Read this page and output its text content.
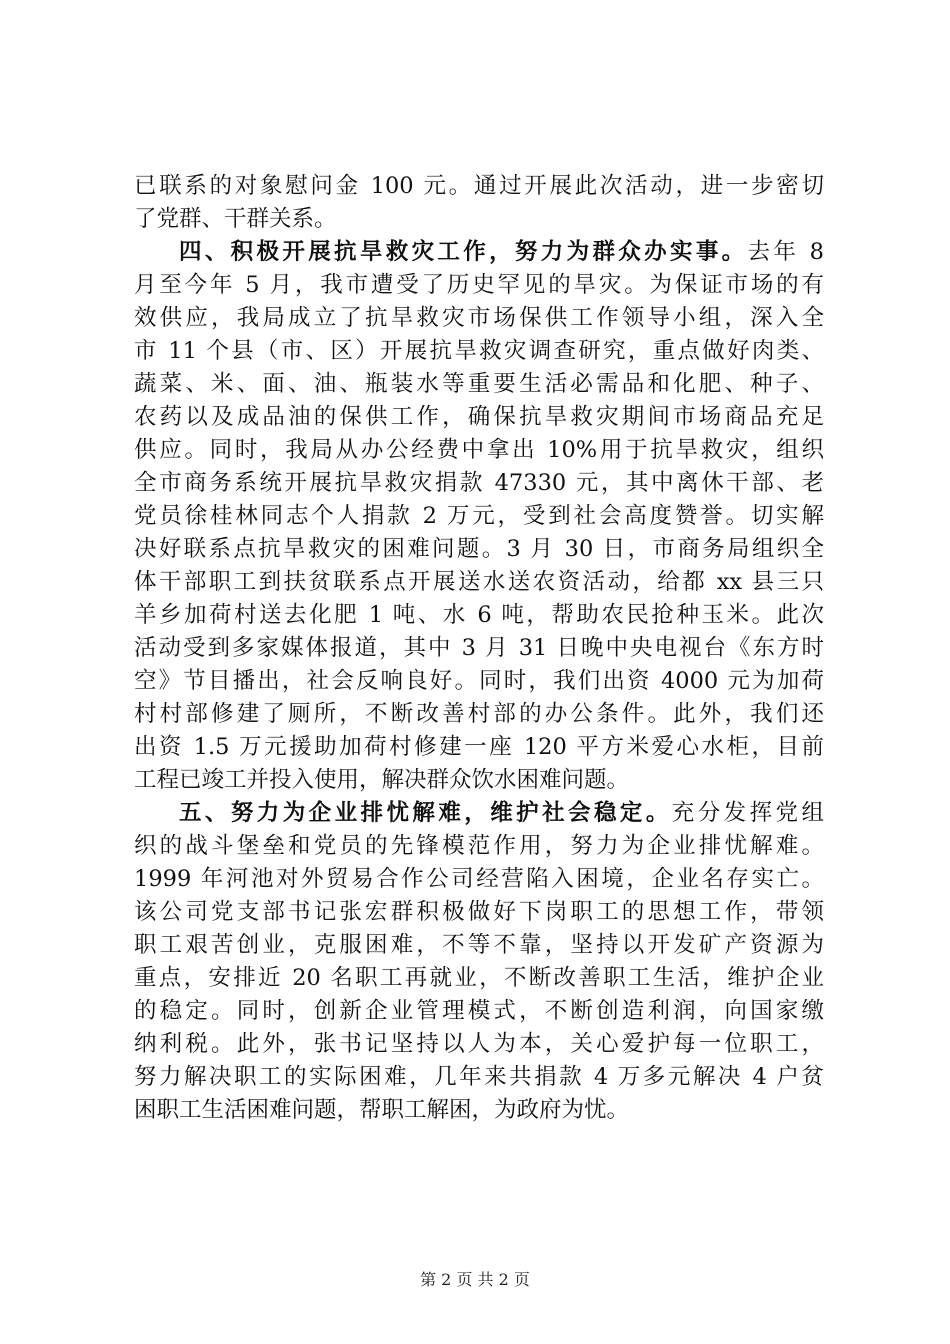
已联系的对象慰问金 100 元。通过开展此次活动，进一步密切
了党群、干群关系。
四、积极开展抗旱救灾工作，努力为群众办实事。去年 8
月至今年 5 月，我市遭受了历史罕见的旱灾。为保证市场的有
效供应，我局成立了抗旱救灾市场保供工作领导小组，深入全
市 11 个县（市、区）开展抗旱救灾调查研究，重点做好肉类、
蔬菜、米、面、油、瓶装水等重要生活必需品和化肥、种子、
农药以及成品油的保供工作，确保抗旱救灾期间市场商品充足
供应。同时，我局从办公经费中拿出 10%用于抗旱救灾，组织
全市商务系统开展抗旱救灾捐款 47330 元，其中离休干部、老
党员徐桂林同志个人捐款 2 万元，受到社会高度赞誉。切实解
决好联系点抗旱救灾的困难问题。3 月 30 日，市商务局组织全
体干部职工到扶贫联系点开展送水送农资活动，给都 xx 县三只
羊乡加荷村送去化肥 1 吨、水 6 吨，帮助农民抢种玉米。此次
活动受到多家媒体报道，其中 3 月 31 日晚中央电视台《东方时
空》节目播出，社会反响良好。同时，我们出资 4000 元为加荷
村村部修建了厕所，不断改善村部的办公条件。此外，我们还
出资 1.5 万元援助加荷村修建一座 120 平方米爱心水柜，目前
工程已竣工并投入使用，解决群众饮水困难问题。
五、努力为企业排忧解难，维护社会稳定。充分发挥党组
织的战斗堡垒和党员的先锋模范作用，努力为企业排忧解难。
1999 年河池对外贸易合作公司经营陷入困境，企业名存实亡。
该公司党支部书记张宏群积极做好下岗职工的思想工作，带领
职工艰苦创业，克服困难，不等不靠，坚持以开发矿产资源为
重点，安排近 20 名职工再就业，不断改善职工生活，维护企业
的稳定。同时，创新企业管理模式，不断创造利润，向国家缴
纳利税。此外，张书记坚持以人为本，关心爱护每一位职工，
努力解决职工的实际困难，几年来共捐款 4 万多元解决 4 户贫
困职工生活困难问题，帮职工解困，为政府为忧。
第 2 页 共 2 页
